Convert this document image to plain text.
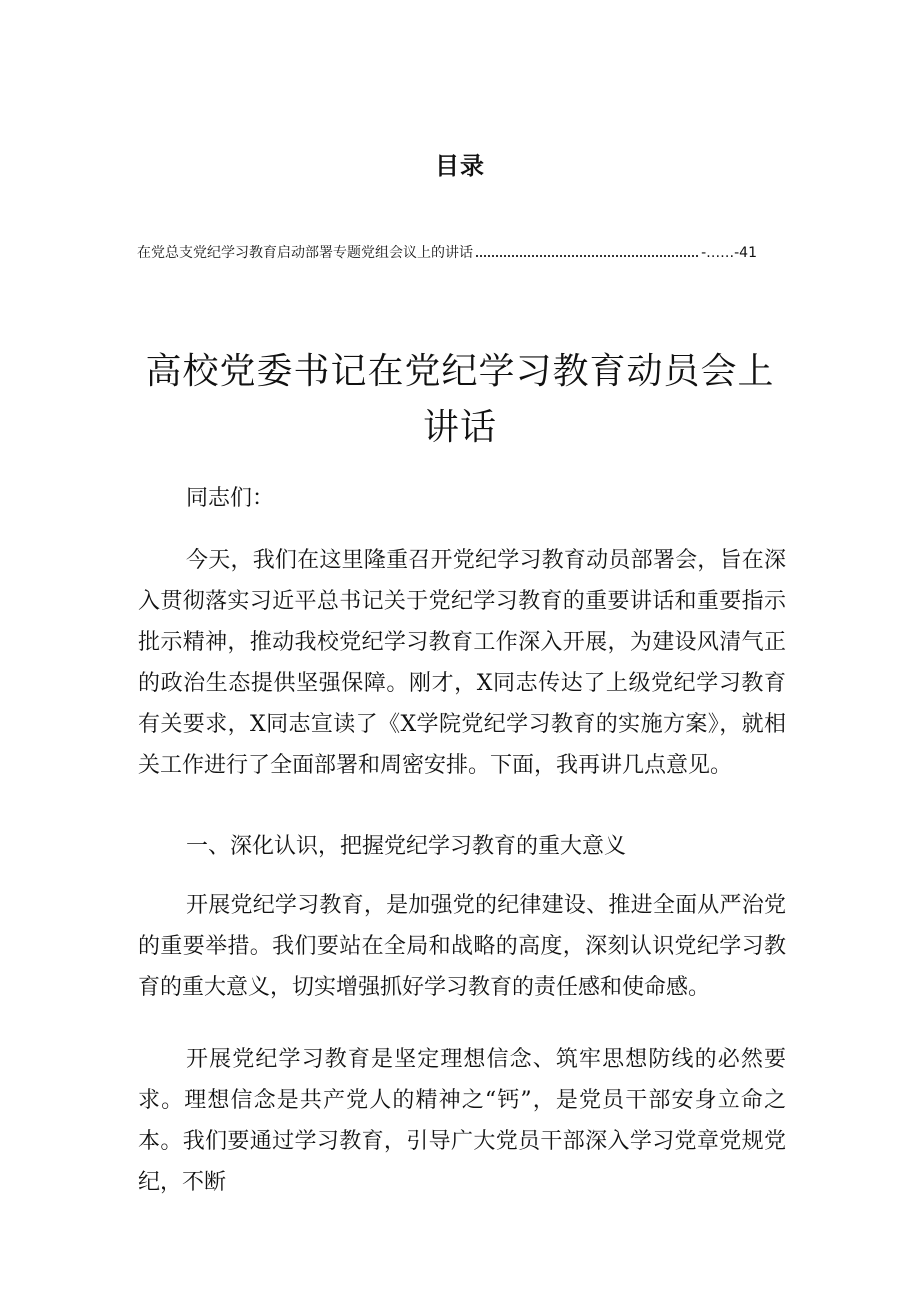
目录
在党总支党纪学习教育启动部署专题党组会议上的讲话	-……-41
高校党委书记在党纪学习教育动员会上讲话
同志们：
今天，我们在这里隆重召开党纪学习教育动员部署会，旨在深入贯彻落实习近平总书记关于党纪学习教育的重要讲话和重要指示批示精神，推动我校党纪学习教育工作深入开展，为建设风清气正的政治生态提供坚强保障。刚才，X同志传达了上级党纪学习教育有关要求，X同志宣读了《X学院党纪学习教育的实施方案》，就相关工作进行了全面部署和周密安排。下面，我再讲几点意见。
一、深化认识，把握党纪学习教育的重大意义
开展党纪学习教育，是加强党的纪律建设、推进全面从严治党的重要举措。我们要站在全局和战略的高度，深刻认识党纪学习教育的重大意义，切实增强抓好学习教育的责任感和使命感。
开展党纪学习教育是坚定理想信念、筑牢思想防线的必然要求。理想信念是共产党人的精神之“钙”，是党员干部安身立命之本。我们要通过学习教育，引导广大党员干部深入学习党章党规党纪，不断
